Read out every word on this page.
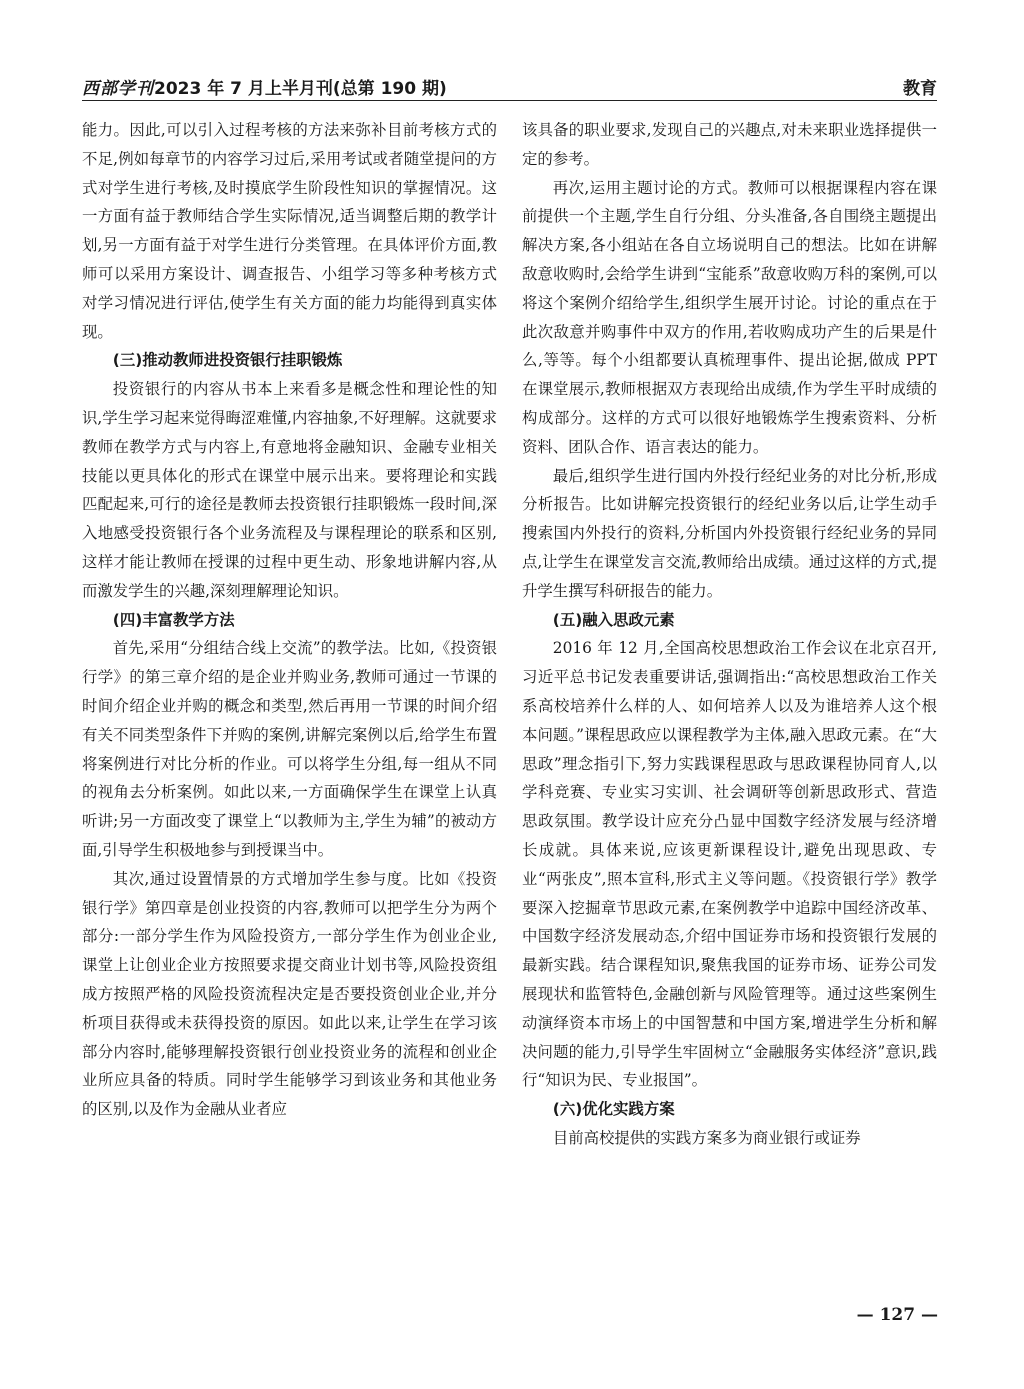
西部学刊2023 年 7 月上半月刊(总第 190 期)	教育

能力。因此,可以引入过程考核的方法来弥补目前考核方式的不足,例如每章节的内容学习过后,采用考试或者随堂提问的方式对学生进行考核,及时摸底学生阶段性知识的掌握情况。这一方面有益于教师结合学生实际情况,适当调整后期的教学计划,另一方面有益于对学生进行分类管理。在具体评价方面,教师可以采用方案设计、调查报告、小组学习等多种考核方式对学习情况进行评估,使学生有关方面的能力均能得到真实体现。

(三)推动教师进投资银行挂职锻炼

投资银行的内容从书本上来看多是概念性和理论性的知识,学生学习起来觉得晦涩难懂,内容抽象,不好理解。这就要求教师在教学方式与内容上,有意地将金融知识、金融专业相关技能以更具体化的形式在课堂中展示出来。要将理论和实践匹配起来,可行的途径是教师去投资银行挂职锻炼一段时间,深入地感受投资银行各个业务流程及与课程理论的联系和区别,这样才能让教师在授课的过程中更生动、形象地讲解内容,从而激发学生的兴趣,深刻理解理论知识。

(四)丰富教学方法

首先,采用“分组结合线上交流”的教学法。比如,《投资银行学》的第三章介绍的是企业并购业务,教师可通过一节课的时间介绍企业并购的概念和类型,然后再用一节课的时间介绍有关不同类型条件下并购的案例,讲解完案例以后,给学生布置将案例进行对比分析的作业。可以将学生分组,每一组从不同的视角去分析案例。如此以来,一方面确保学生在课堂上认真听讲;另一方面改变了课堂上“以教师为主,学生为辅”的被动方面,引导学生积极地参与到授课当中。

其次,通过设置情景的方式增加学生参与度。比如《投资银行学》第四章是创业投资的内容,教师可以把学生分为两个部分:一部分学生作为风险投资方,一部分学生作为创业企业,课堂上让创业企业方按照要求提交商业计划书等,风险投资组成方按照严格的风险投资流程决定是否要投资创业企业,并分析项目获得或未获得投资的原因。如此以来,让学生在学习该部分内容时,能够理解投资银行创业投资业务的流程和创业企业所应具备的特质。同时学生能够学习到该业务和其他业务的区别,以及作为金融从业者应

该具备的职业要求,发现自己的兴趣点,对未来职业选择提供一定的参考。

再次,运用主题讨论的方式。教师可以根据课程内容在课前提供一个主题,学生自行分组、分头准备,各自围绕主题提出解决方案,各小组站在各自立场说明自己的想法。比如在讲解敌意收购时,会给学生讲到“宝能系”敌意收购万科的案例,可以将这个案例介绍给学生,组织学生展开讨论。讨论的重点在于此次敌意并购事件中双方的作用,若收购成功产生的后果是什么,等等。每个小组都要认真梳理事件、提出论据,做成 PPT 在课堂展示,教师根据双方表现给出成绩,作为学生平时成绩的构成部分。这样的方式可以很好地锻炼学生搜索资料、分析资料、团队合作、语言表达的能力。

最后,组织学生进行国内外投行经纪业务的对比分析,形成分析报告。比如讲解完投资银行的经纪业务以后,让学生动手搜索国内外投行的资料,分析国内外投资银行经纪业务的异同点,让学生在课堂发言交流,教师给出成绩。通过这样的方式,提升学生撰写科研报告的能力。

(五)融入思政元素

2016 年 12 月,全国高校思想政治工作会议在北京召开,习近平总书记发表重要讲话,强调指出:“高校思想政治工作关系高校培养什么样的人、如何培养人以及为谁培养人这个根本问题。”课程思政应以课程教学为主体,融入思政元素。在“大思政”理念指引下,努力实践课程思政与思政课程协同育人,以学科竞赛、专业实习实训、社会调研等创新思政形式、营造思政氛围。教学设计应充分凸显中国数字经济发展与经济增长成就。具体来说,应该更新课程设计,避免出现思政、专业“两张皮”,照本宣科,形式主义等问题。《投资银行学》教学要深入挖掘章节思政元素,在案例教学中追踪中国经济改革、中国数字经济发展动态,介绍中国证券市场和投资银行发展的最新实践。结合课程知识,聚焦我国的证券市场、证券公司发展现状和监管特色,金融创新与风险管理等。通过这些案例生动演绎资本市场上的中国智慧和中国方案,增进学生分析和解决问题的能力,引导学生牢固树立“金融服务实体经济”意识,践行“知识为民、专业报国”。

(六)优化实践方案

目前高校提供的实践方案多为商业银行或证券

— 127 —
